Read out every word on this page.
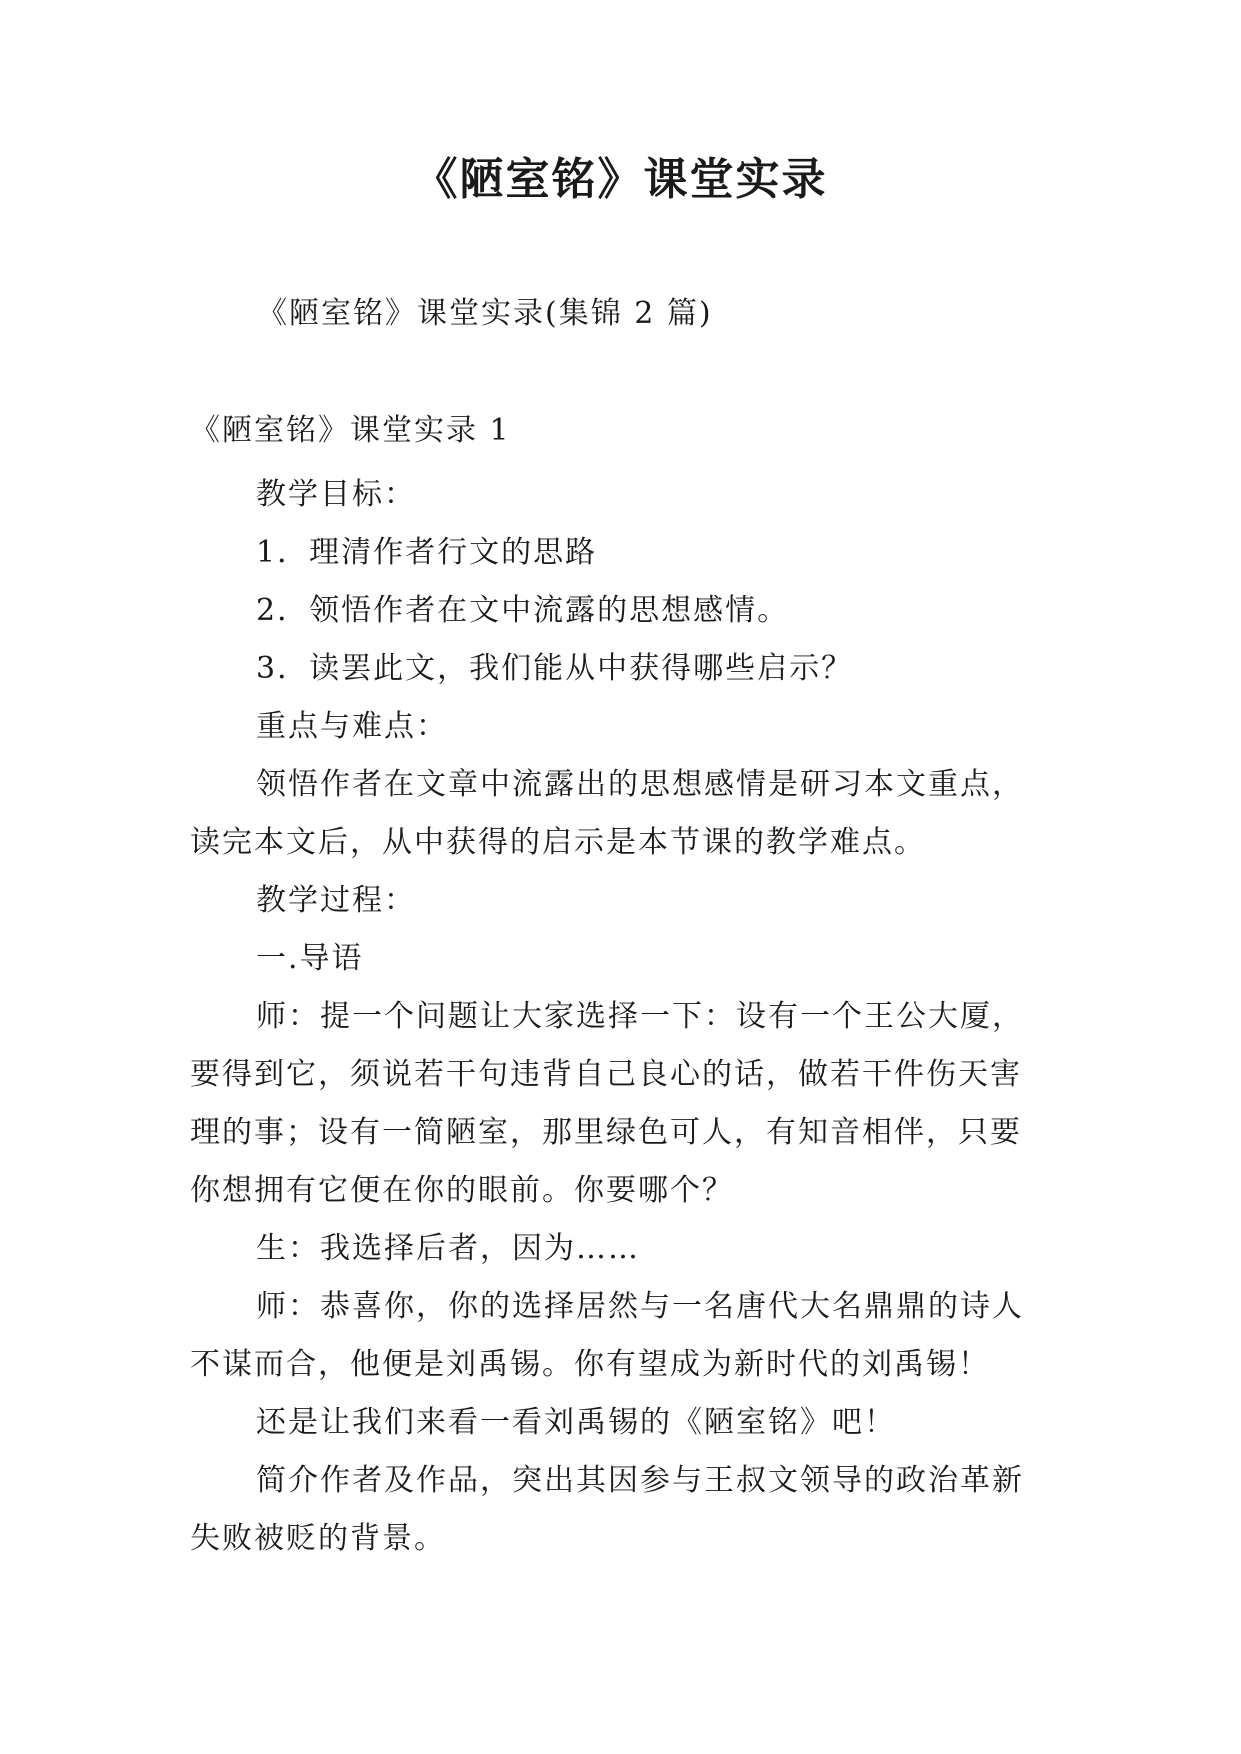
《陋室铭》课堂实录
《陋室铭》课堂实录(集锦 2 篇)
《陋室铭》课堂实录 1
教学目标：
1．理清作者行文的思路
2．领悟作者在文中流露的思想感情。
3．读罢此文，我们能从中获得哪些启示？
重点与难点：
领悟作者在文章中流露出的思想感情是研习本文重点，
读完本文后，从中获得的启示是本节课的教学难点。
教学过程：
一.导语
师：提一个问题让大家选择一下：设有一个王公大厦，
要得到它，须说若干句违背自己良心的话，做若干件伤天害
理的事；设有一简陋室，那里绿色可人，有知音相伴，只要
你想拥有它便在你的眼前。你要哪个？
生：我选择后者，因为……
师：恭喜你，你的选择居然与一名唐代大名鼎鼎的诗人
不谋而合，他便是刘禹锡。你有望成为新时代的刘禹锡！
还是让我们来看一看刘禹锡的《陋室铭》吧！
简介作者及作品，突出其因参与王叔文领导的政治革新
失败被贬的背景。
